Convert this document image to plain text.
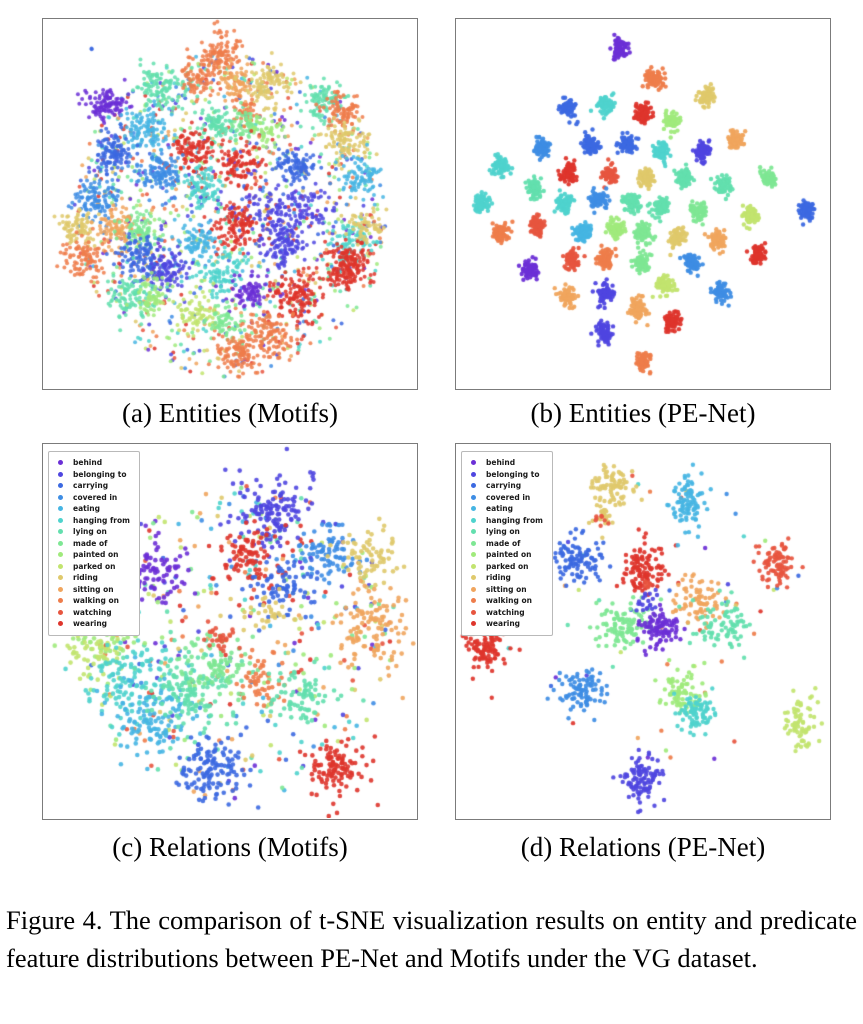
(a) Entities (Motifs)	(b) Entities (PE-Net)
behind
belonging to
carrying
covered in
eating
hanging from
lying on
made of
painted on
parked on
riding
sitting on
walking on
watching
wearing
behind
belonging to
carrying
covered in
eating
hanging from
lying on
made of
painted on
parked on
riding
sitting on
walking on
watching
wearing
(c) Relations (Motifs)	(d) Relations (PE-Net)
Figure 4. The comparison of t-SNE visualization results on entity and predicate feature distributions between PE-Net and Motifs under the VG dataset.
